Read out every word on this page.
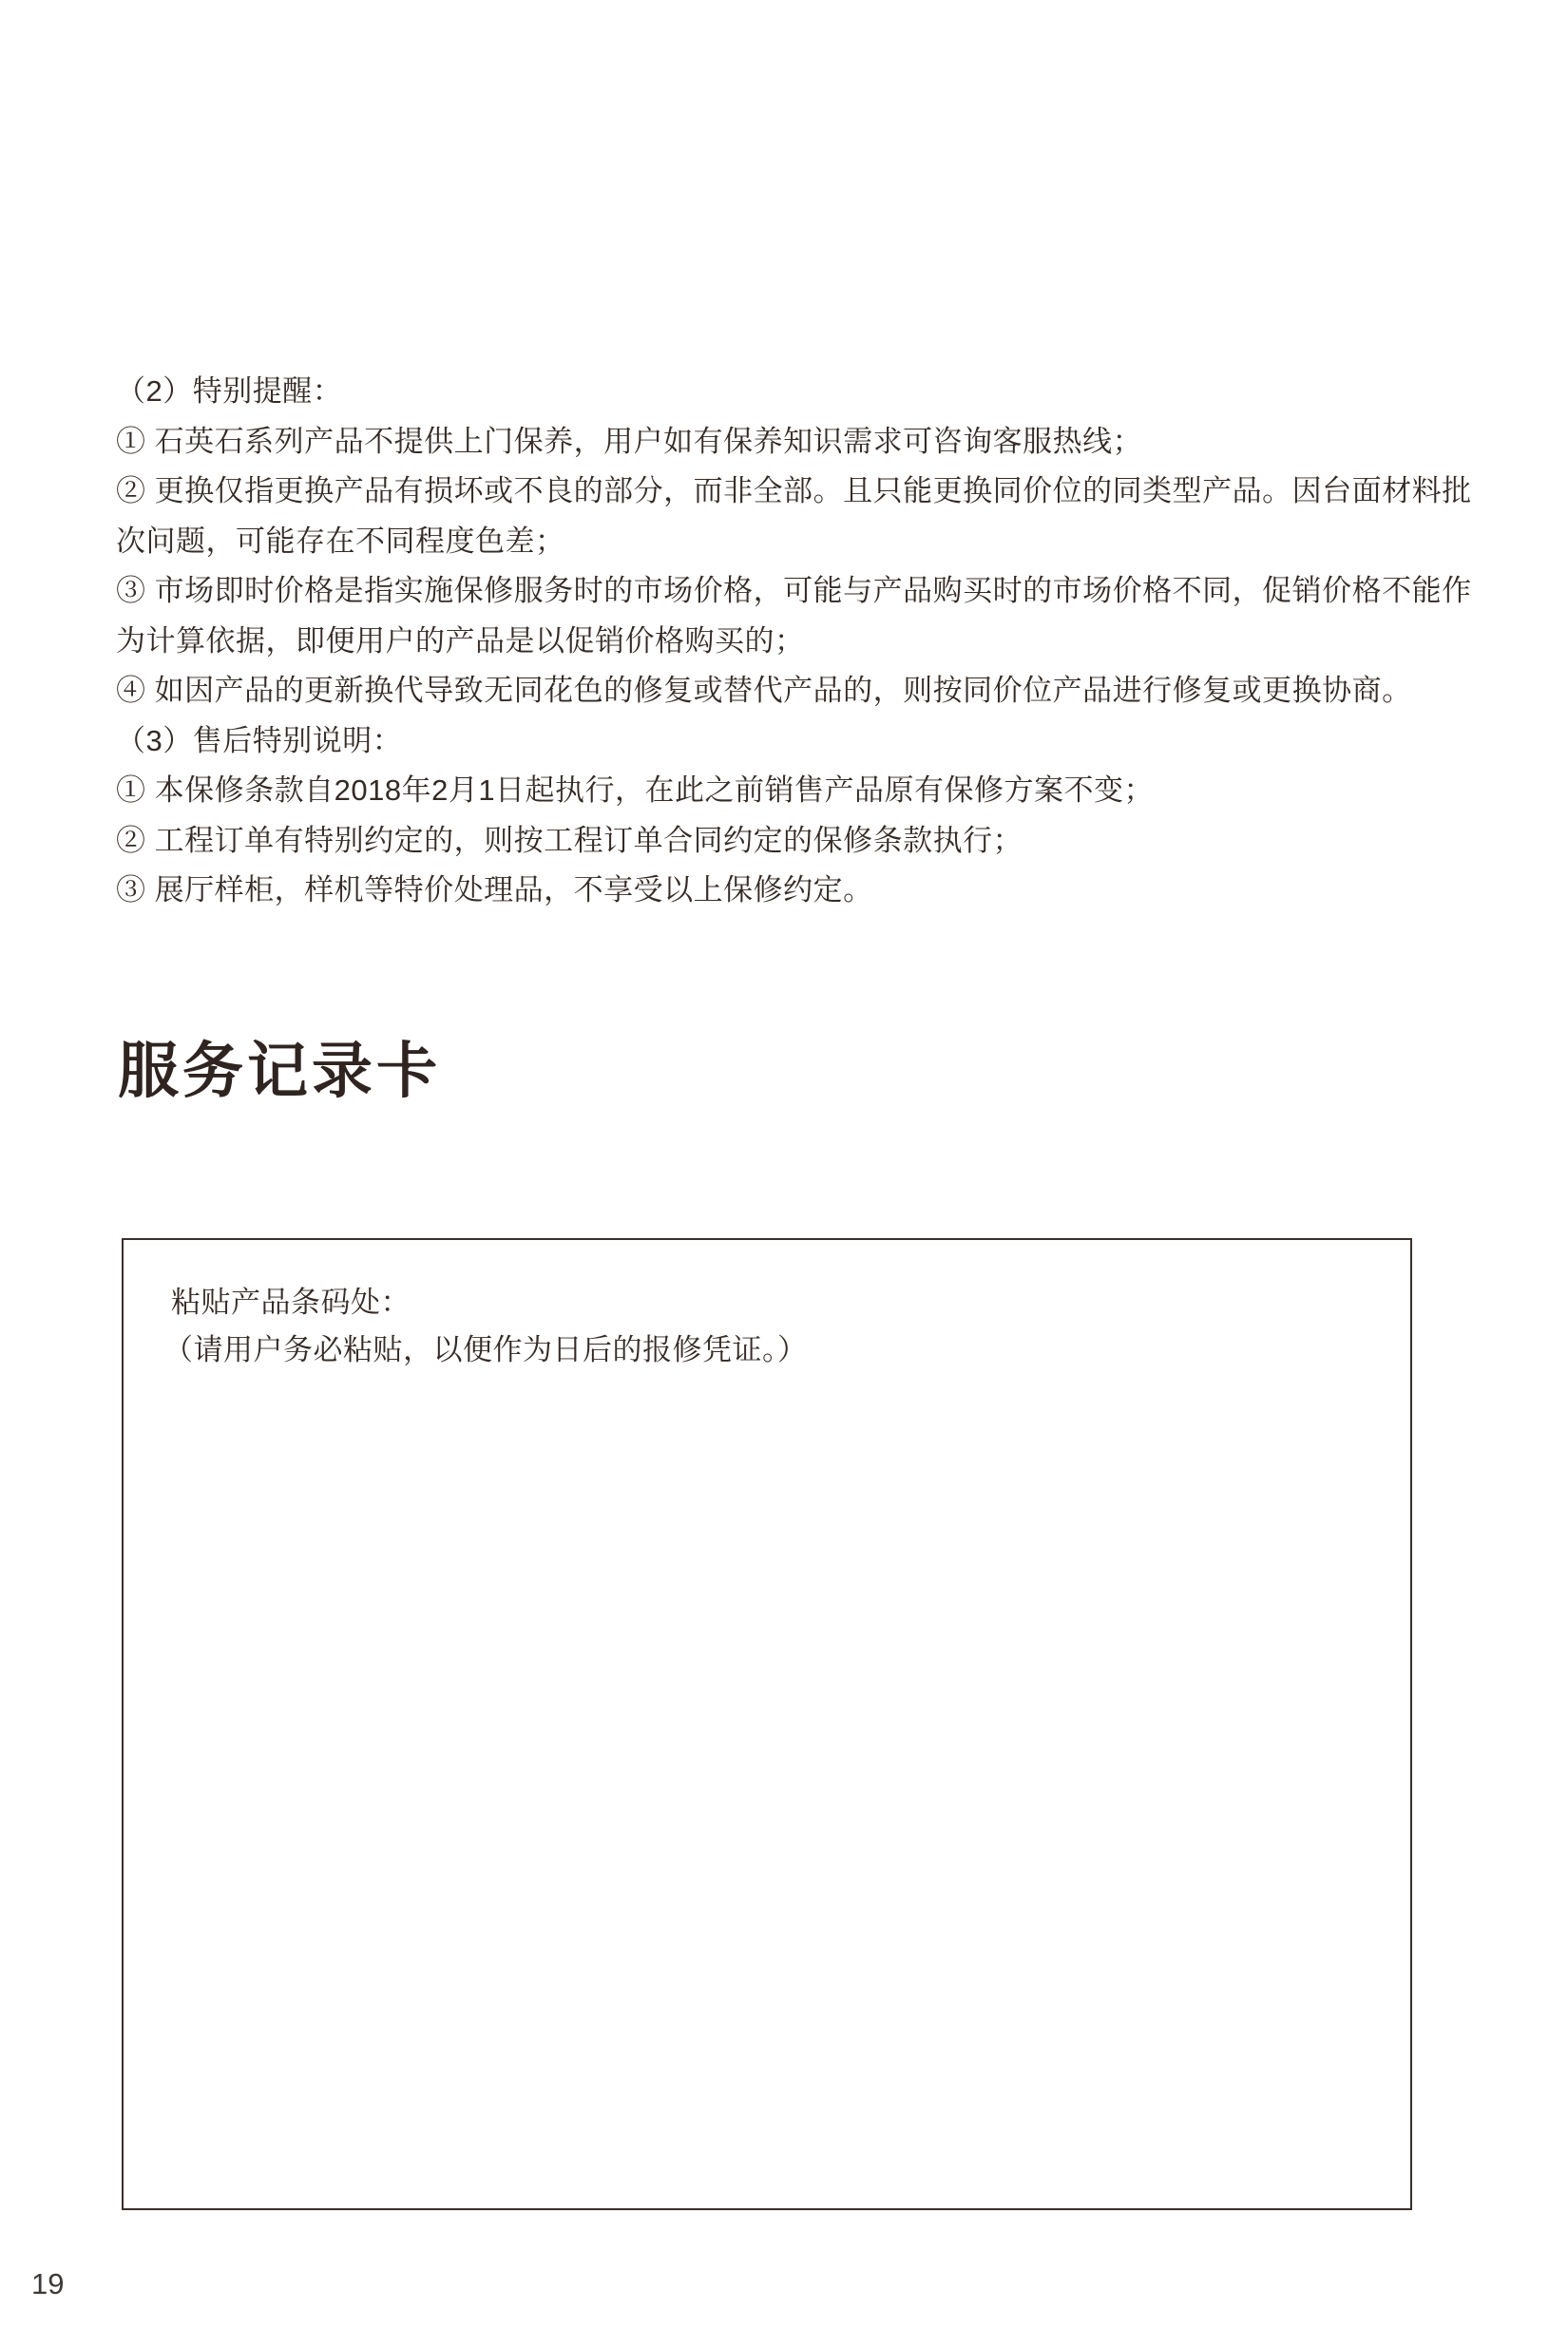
（2）特别提醒：
① 石英石系列产品不提供上门保养，用户如有保养知识需求可咨询客服热线；
② 更换仅指更换产品有损坏或不良的部分，而非全部。且只能更换同价位的同类型产品。因台面材料批
次问题，可能存在不同程度色差；
③ 市场即时价格是指实施保修服务时的市场价格，可能与产品购买时的市场价格不同，促销价格不能作
为计算依据，即便用户的产品是以促销价格购买的；
④ 如因产品的更新换代导致无同花色的修复或替代产品的，则按同价位产品进行修复或更换协商。
（3）售后特别说明：
① 本保修条款自2018年2月1日起执行，在此之前销售产品原有保修方案不变；
② 工程订单有特别约定的，则按工程订单合同约定的保修条款执行；
③ 展厅样柜，样机等特价处理品，不享受以上保修约定。
服务记录卡
粘贴产品条码处：
（请用户务必粘贴，以便作为日后的报修凭证。）
19
